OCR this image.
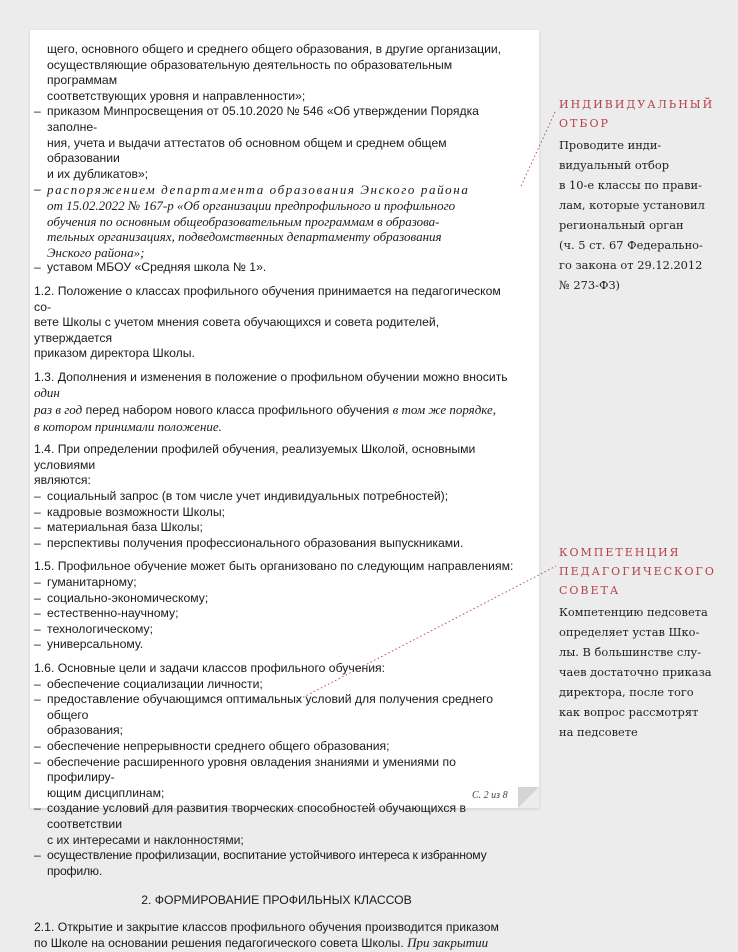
щего, основного общего и среднего общего образования, в другие организации,
осуществляющие образовательную деятельность по образовательным программам
соответствующих уровня и направленности»;
– приказом Минпросвещения от 05.10.2020 № 546 «Об утверждении Порядка заполне-
ния, учета и выдачи аттестатов об основном общем и среднем общем образовании
и их дубликатов»;
– распоряжением департамента образования Энского района
от 15.02.2022 № 167-р «Об организации предпрофильного и профильного
обучения по основным общеобразовательным программам в образова-
тельных организациях, подведомственных департаменту образования
Энского района»;
– уставом МБОУ «Средняя школа № 1».
1.2. Положение о классах профильного обучения принимается на педагогическом со-
вете Школы с учетом мнения совета обучающихся и совета родителей, утверждается
приказом директора Школы.
1.3. Дополнения и изменения в положение о профильном обучении можно вносить один
раз в год перед набором нового класса профильного обучения в том же порядке,
в котором принимали положение.
1.4. При определении профилей обучения, реализуемых Школой, основными условиями
являются:
– социальный запрос (в том числе учет индивидуальных потребностей);
– кадровые возможности Школы;
– материальная база Школы;
– перспективы получения профессионального образования выпускниками.
1.5. Профильное обучение может быть организовано по следующим направлениям:
– гуманитарному;
– социально-экономическому;
– естественно-научному;
– технологическому;
– универсальному.
1.6. Основные цели и задачи классов профильного обучения:
– обеспечение социализации личности;
– предоставление обучающимся оптимальных условий для получения среднего общего
образования;
– обеспечение непрерывности среднего общего образования;
– обеспечение расширенного уровня овладения знаниями и умениями по профилиру-
ющим дисциплинам;
– создание условий для развития творческих способностей обучающихся в соответствии
с их интересами и наклонностями;
– осуществление профилизации, воспитание устойчивого интереса к избранному профилю.
2. ФОРМИРОВАНИЕ ПРОФИЛЬНЫХ КЛАССОВ
2.1. Открытие и закрытие классов профильного обучения производится приказом
по Школе на основании решения педагогического совета Школы. При закрытии
С. 2 из 8
ИНДИВИДУАЛЬНЫЙ
ОТБОР
Проводите инди-
видуальный отбор
в 10-е классы по прави-
лам, которые установил
региональный орган
(ч. 5 ст. 67 Федерально-
го закона от 29.12.2012
№ 273-ФЗ)
КОМПЕТЕНЦИЯ
ПЕДАГОГИЧЕСКОГО
СОВЕТА
Компетенцию педсовета
определяет устав Шко-
лы. В большинстве слу-
чаев достаточно приказа
директора, после того
как вопрос рассмотрят
на педсовете
